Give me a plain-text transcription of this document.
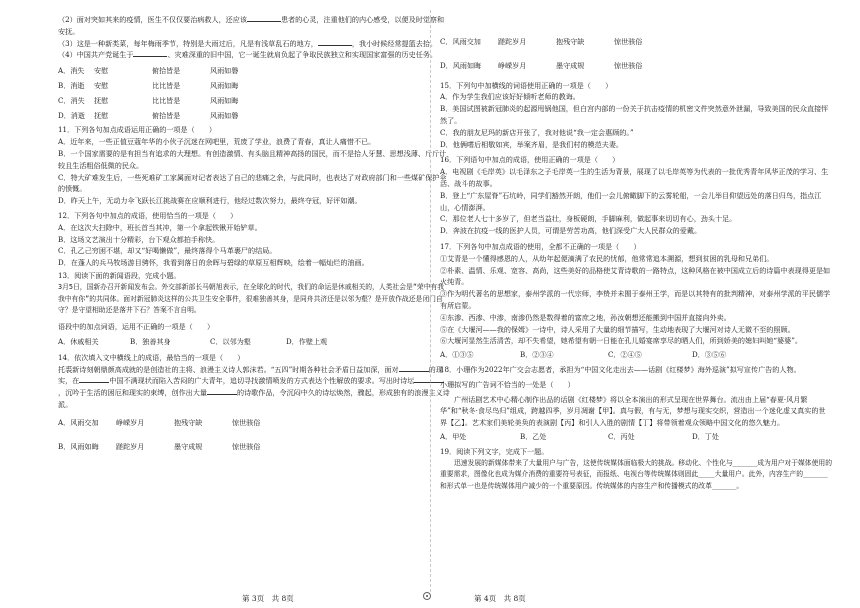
（2）面对突如其来的疫情，医生不仅仅要治病救人，还应该	患者的心灵，注重他们的内心感受，以便及时觉察和安抚。

（3）这是一种新类菜，每年梅雨季节，特别是大雨过后，凡是有浅草乱石的地方，	，我小时候经常提篮去拾。

（4）中国共产党诞生于	、灾难深重的旧中国，它一诞生就肩负起了争取民族独立和实现国家富强的历史任务。

A．消失	安慰	俯拾皆是	风雨如磐
B．消逝	安慰	比比皆是	风雨如晦
C．消失	抚慰	比比皆是	风雨如晦
D．消逝	抚慰	俯拾皆是	风雨如磐

11．下列各句加点成语运用正确的一项是（　　）

A．近年来，一些正值豆蔻年华的小伙子沉迷在网吧里，荒废了学业，浪费了青春，真让人痛惜不已。

B．一个国家需要的是有担当有追求的大理想。有创造激情、有头脑且精神高扬的国民，而不是拾人牙慧、思想浅薄、斤斤计较且生活粗俗低微的民众。

C．特大矿难发生后，一些死难矿工家属面对记者表达了自己的悲痛之余，与此同时，也表达了对政府部门和一些煤矿保护伞的愤慨。

D．昨天上午，无动力伞飞跃长江挑战赛在应顺利进行，他经过数次努力，最终夺冠，好评如潮。

12．下列各句中加点的成语，使用恰当的一项是（　　）

A．在这次大扫除中，班长首当其冲，第一个拿起铁锹开始铲草。

B．这场文艺演出十分精彩，台下观众都拍手称快。

C．孔乙己穷困不堪，却又“好喝懒做”，最终落得个马革裹尸的结局。

D．在蓬人的兵马牧场游目骋怀，我看到落日的余晖与碧绿的草原互相辉映，绘着一幅灿烂的油画。

13．阅读下面的新闻语段，完成小题。

3月5日，国新办召开新闻发布会。外交部新部长马朝旭表示，在全球化的时代，我们的命运是休戚相关的，人类社会是“荣中有我我中有你”的共同体。面对新冠肺炎这样的公共卫生安全事件，很难独善其身，是同舟共济还是以邻为壑？是开放作战还是闭门自守？是守望相助还是落井下石？答案不言自明。

语段中的加点词语，运用不正确的一项是（　　）

A．休戚相关	B．独善其身	C．以邻为壑	D．作壁上观

14．依次填入文中横线上的成语，最恰当的一项是（　　）

托裘新诗刻朝鼎颜高成就的是创造社的主将、浪漫主义诗人郭沫若。“五四”时期各种社会矛盾日益加深，面对	的现实，在	中国不满现状而陷入苦闷的广大青年，追切寻找激情喷发的方式表达个性解放的要求。写出时诗坛，沉吟于生活的困厄和现实的束缚，创作出大量	的诗歌作品，令沉闷中久的诗坛焕然，骤起，形成独有的浪漫主义诗派。

A．风雨交加	峥嵘岁月	抱残守缺	惊世骇俗
B．风雨如晦	蹉跎岁月	墨守成规	惊世骇俗
C．风雨交加	蹉跎岁月	抱残守缺	惊世骇俗
D．风雨如晦	峥嵘岁月	墨守成规	惊世骇俗

15．下列句中加横线的词语使用正确的一项是（　　）

A．作为学生我们应该好好倾听老师的教诲。

B．美国试图被新冠肺炎的起源甩锅他国，但白宫内部的一份关于抗击疫情的机密文件突然意外泄漏，导致美国的民众直接怦然了。

C．我的朋友尼玛的新店开张了，我对他说“我一定会惠顾的。”

D．他俩嗜后相敬如宾，举案齐眉，是我们村的模范夫妻。

16．下列语句中加点的成语，使用正确的一项是（　　）

A．电视剧《毛岸英》以毛泽东之子毛岸英一生的生活为背景，展现了以毛岸英等为代表的一批优秀青年风华正茂的学习、生活、战斗的故事。

B．登上“广东屋脊”石坑岭，同学们豁然开朗，他们一会儿俯瞰脚下的云雾轮船，一会儿举目仰望远处的落日归鸟，指点江山，心情澎湃。

C．那位老人七十多岁了，但老当益壮，身板硬朗，手脚麻利，做起事来切切有心，劲头十足。

D．奔波在抗疫一线的医护人员，可谓是劳苦功高，他们深受广大人民群众的爱戴。

17．下列各句中加点成语的使用，全都不正确的一项是（　　）

①艾青是一个懂得感恩的人，从幼年起便滴满了农民的忧郁，他常常追本溯源，想到贫困的乳母和兄弟们。

②朴素、温情、乐观、宽容、高尚，这些美好的品格使艾青诗歌的一路特点，这种风格在被中国成立后的诗篇中表现得更是如火纯青。

③作为明代著名的思想家，泰州学派的一代宗师，李贽并未囿于泰州王学，而是以其特有的批判精神，对泰州学派的平民儒学有所启蒙。

④东渗、西渗、中渗，南渗仍然是数得着的富庶之地，孙汝朝想还能搬到中国并直接向外卖。

⑤在《大堰河——我的保姆》一诗中，诗人采用了大量的细节描写，生动地表现了大堰河对诗人无微不至的照顾。

⑥大堰河显然生活清苦，却不失希望，她希望有朝一日能在孔儿婚宴席享尽的晒人们，所到娇美的媳妇叫她“婆婆”。

A．①③⑤	B．②③④	C．②④⑤	D．③⑤⑥

18．小珊作为2022年广交会志愿者，承担为“中国文化走出去——话剧《红楼梦》海外巡演”拟写宣传广告的人物。

小珊拟写的广告词不恰当的一处是（　　）

广州话剧艺术中心精心制作出品的话剧《红楼梦》将以全本演出的形式呈现在世界舞台。流出由上届“春夏·风月繁华”和“秋冬·食尽鸟归”组成，跨越四季，岁月凋谢【甲】。真与假，有与无，梦想与现实交织，营造出一个迷化虚又真实的世界【乙】。艺术家们美轮美奂的表演剧【丙】和引人入胜的剧情【丁】将带领着观众领略中国文化的悠久魅力。

A．甲处	B．乙处	C．丙处	D．丁处

19．阅读下列文字，完成下一题。

迅速发展的新媒体带来了大量用户与广告，这使传统媒体面临极大的挑战。移动化、个性化与______成为用户对于媒体使用的重要需求，图像化也成为媒介消费的重要符号表征，而报纸、电视台等传统媒体则固此____大量用户。此外，内容生产的______和形式单一也是传统媒体用户减少的一个重要原因。传统媒体的内容生产和传播模式的改革______。

第 3页　共 8页	第 4页　共 8页
